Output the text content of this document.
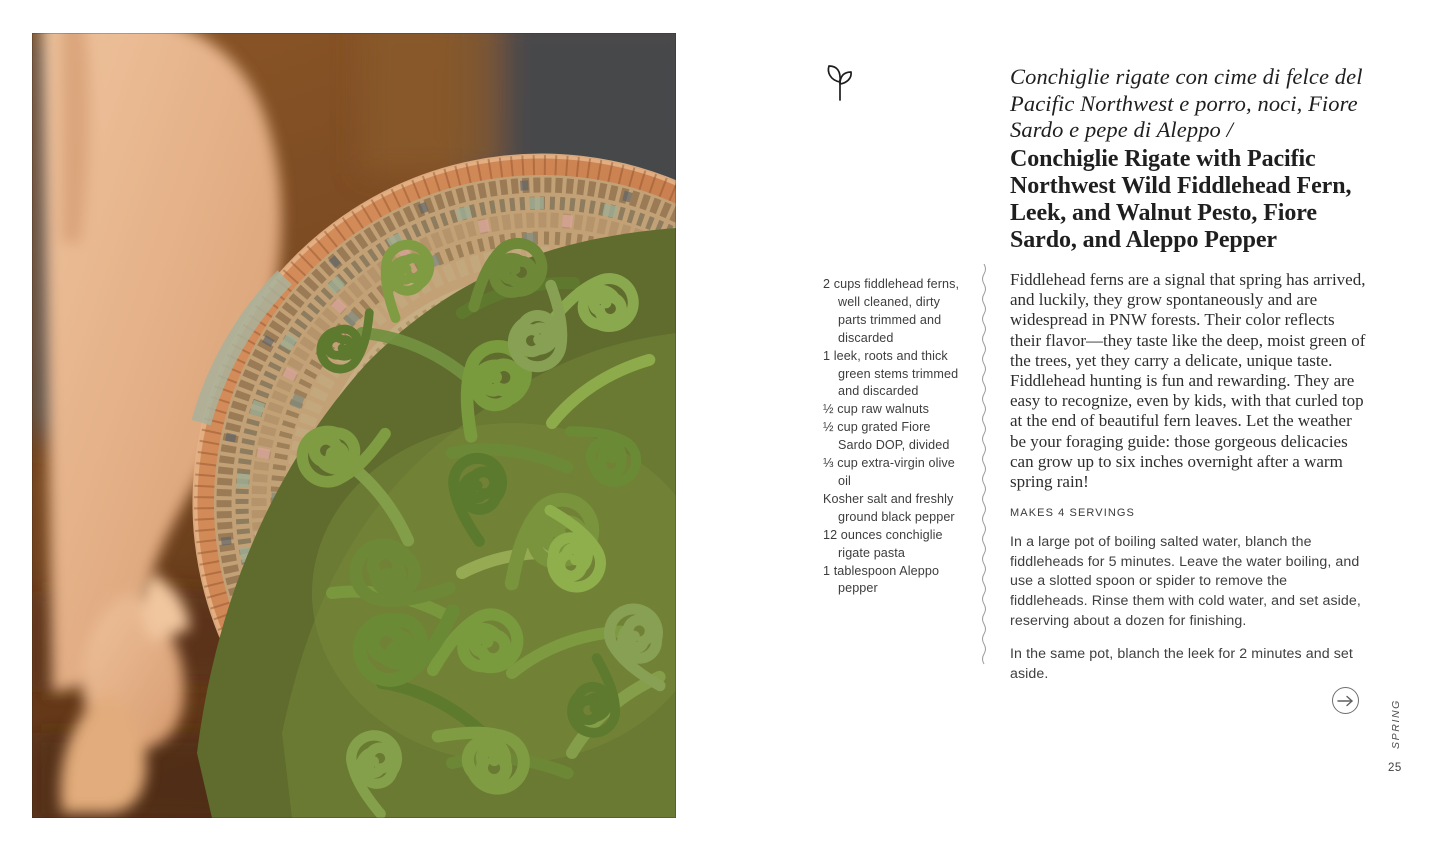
Conchiglie rigate con cime di felce del Pacific Northwest e porro, noci, Fiore Sardo e pepe di Aleppo /
Conchiglie Rigate with Pacific Northwest Wild Fiddlehead Fern, Leek, and Walnut Pesto, Fiore Sardo, and Aleppo Pepper
2 cups fiddlehead ferns, well cleaned, dirty parts trimmed and discarded
1 leek, roots and thick green stems trimmed and discarded
½ cup raw walnuts
½ cup grated Fiore Sardo DOP, divided
⅓ cup extra-virgin olive oil
Kosher salt and freshly ground black pepper
12 ounces conchiglie rigate pasta
1 tablespoon Aleppo pepper

Fiddlehead ferns are a signal that spring has arrived, and luckily, they grow spontaneously and are widespread in PNW forests. Their color reflects their flavor—they taste like the deep, moist green of the trees, yet they carry a delicate, unique taste. Fiddlehead hunting is fun and rewarding. They are easy to recognize, even by kids, with that curled top at the end of beautiful fern leaves. Let the weather be your foraging guide: those gorgeous delicacies can grow up to six inches overnight after a warm spring rain!

MAKES 4 SERVINGS

In a large pot of boiling salted water, blanch the fiddleheads for 5 minutes. Leave the water boiling, and use a slotted spoon or spider to remove the fiddleheads. Rinse them with cold water, and set aside, reserving about a dozen for finishing.

In the same pot, blanch the leek for 2 minutes and set aside.

SPRING
25
